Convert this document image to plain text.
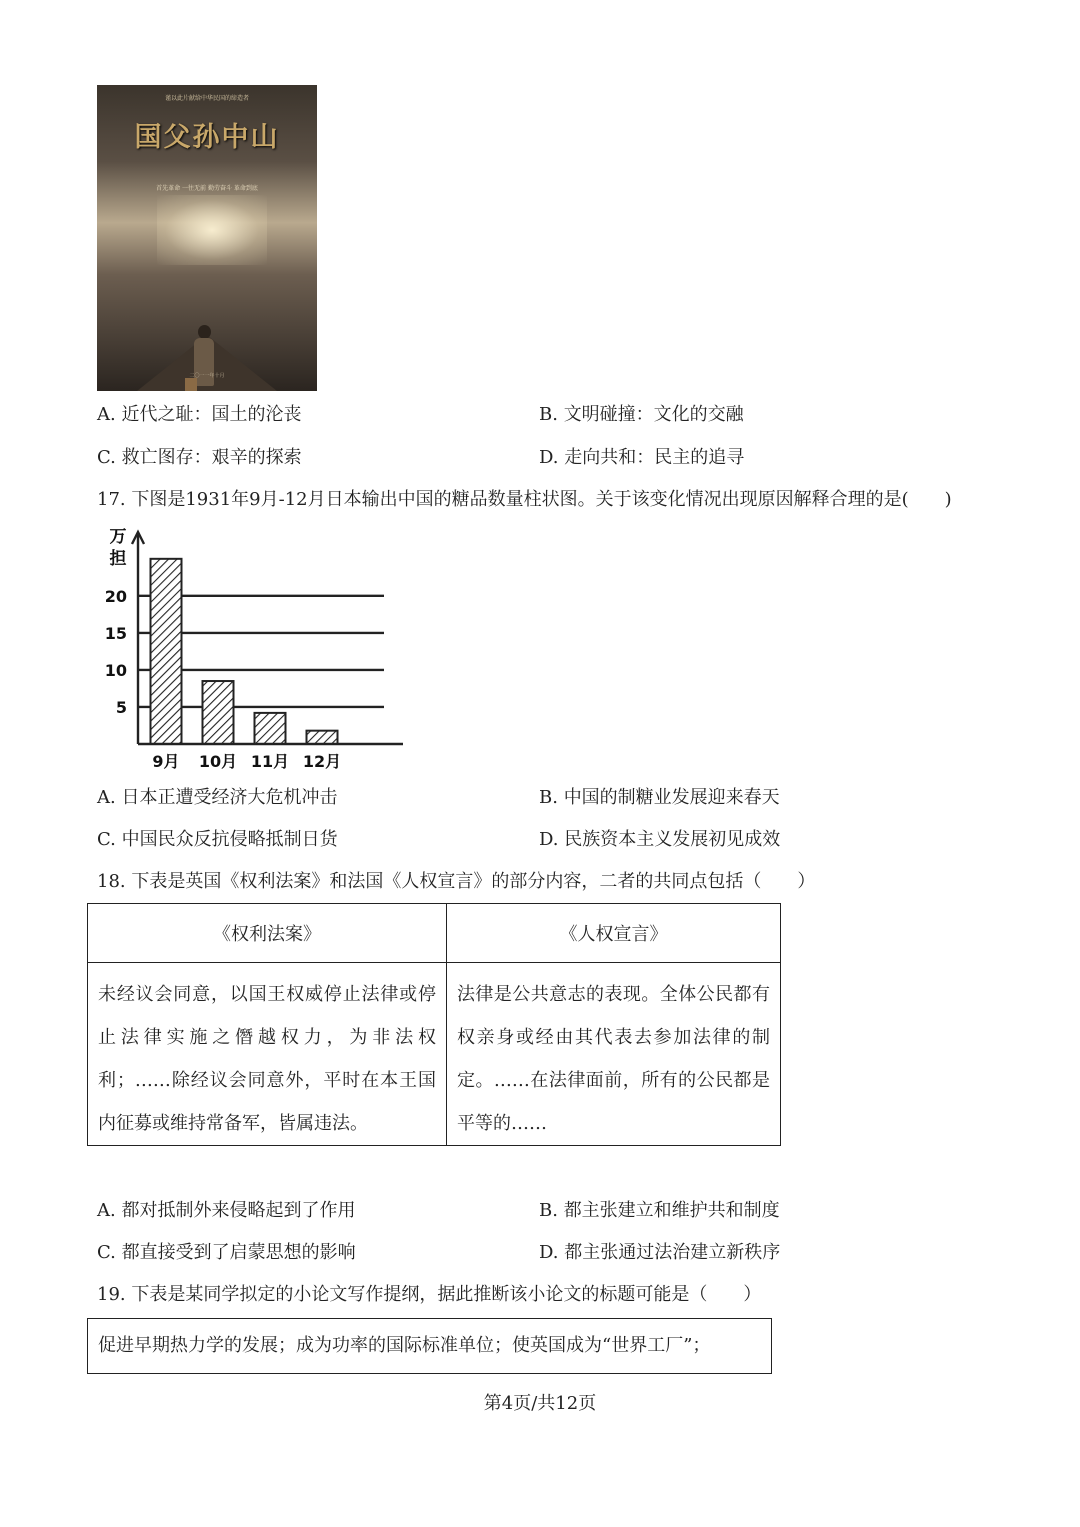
谨以此片献给中华民国的缔造者
国父孙中山
首先革命 一往无前 勤劳奋斗 革命到底
二〇一一年十月
A. 近代之耻：国土的沦丧	B. 文明碰撞：文化的交融
C. 救亡图存：艰辛的探索	D. 走向共和：民主的追寻
17. 下图是1931年9月-12月日本输出中国的糖品数量柱状图。关于该变化情况出现原因解释合理的是(　　)
5
10
15
20
9月 10月 11月 12月
万
担
A. 日本正遭受经济大危机冲击	B. 中国的制糖业发展迎来春天
C. 中国民众反抗侵略抵制日货	D. 民族资本主义发展初见成效
18. 下表是英国《权利法案》和法国《人权宣言》的部分内容，二者的共同点包括（　　）
《权利法案》	《人权宣言》
未经议会同意，以国王权威停止法律或停止法律实施之僭越权力，为非法权利；……除经议会同意外，平时在本王国内征募或维持常备军，皆属违法。	法律是公共意志的表现。全体公民都有权亲身或经由其代表去参加法律的制定。……在法律面前，所有的公民都是平等的……
A. 都对抵制外来侵略起到了作用	B. 都主张建立和维护共和制度
C. 都直接受到了启蒙思想的影响	D. 都主张通过法治建立新秩序
19. 下表是某同学拟定的小论文写作提纲，据此推断该小论文的标题可能是（　　）
促进早期热力学的发展；成为功率的国际标准单位；使英国成为“世界工厂”；
第4页/共12页
